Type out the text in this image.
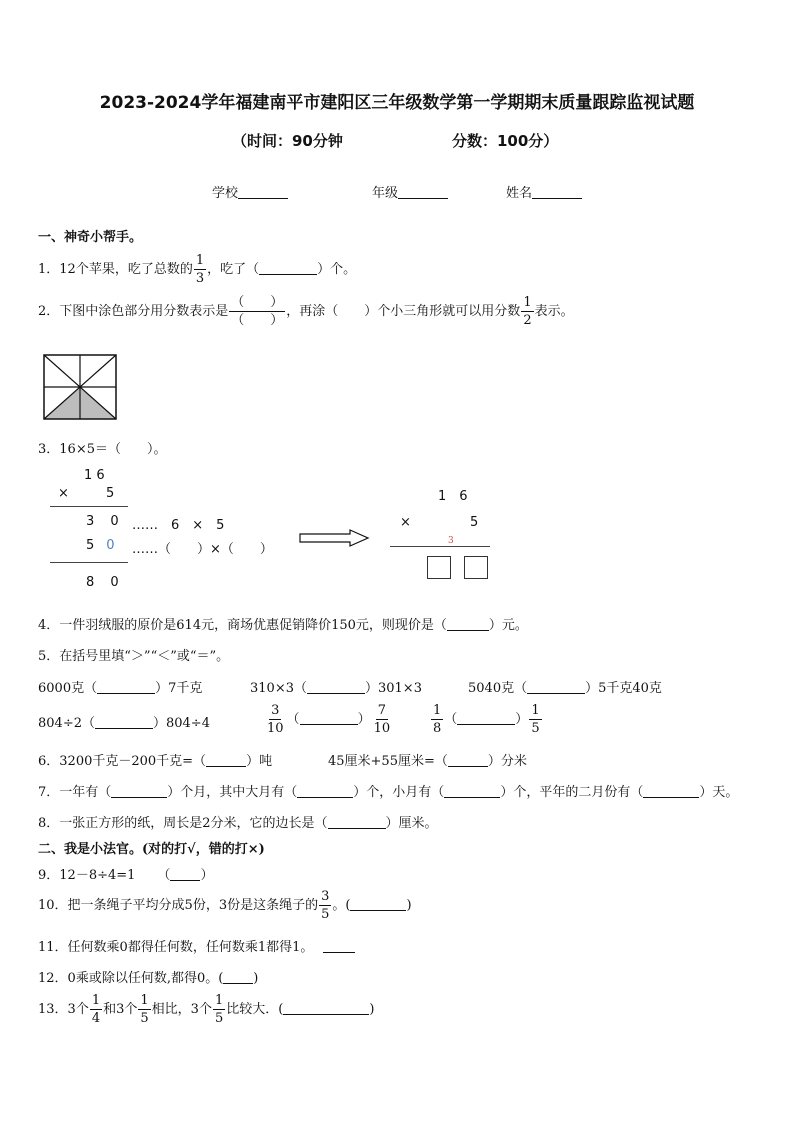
2023-2024学年福建南平市建阳区三年级数学第一学期期末质量跟踪监视试题
（时间：90分钟	分数：100分）
学校	年级	姓名
一、神奇小帮手。
1．12个苹果，吃了总数的 $\frac{1}{3}$ ，吃了（	）个。
2．下图中涂色部分用分数表示是 $\frac{( )}{( )}$ ，再涂（　　）个小三角形就可以用分数 $\frac{1}{2}$ 表示。
3．16×5＝（　　）。
1 6
×	5
3 0 ……　6　×　5
5 0 ……（　　）×（　　）
8 0
1　6
×	5
3
4．一件羽绒服的原价是614元，商场优惠促销降价150元，则现价是（	）元。
5．在括号里填“＞”“＜”或“＝”。
6000克（	）7千克	310×3（	）301×3	5040克（	）5千克40克
804÷2（	）804÷4	$\frac{3}{10}$ （	） $\frac{7}{10}$	$\frac{1}{8}$ （	） $\frac{1}{5}$
6．3200千克－200千克=（	）吨	45厘米+55厘米=（	）分米
7．一年有（	）个月，其中大月有（	）个，小月有（	）个，平年的二月份有（	）天。
8．一张正方形的纸，周长是2分米，它的边长是（	）厘米。
二、我是小法官。(对的打√，错的打×)
9．12－8÷4=1 （ ）
10．把一条绳子平均分成5份，3份是这条绳子的 $\frac{3}{5}$ 。(	)
11．任何数乘0都得任何数，任何数乘1都得1。
12．0乘或除以任何数,都得0。( )
13．3个 $\frac{1}{4}$ 和3个 $\frac{1}{5}$ 相比，3个 $\frac{1}{5}$ 比较大．(	)
